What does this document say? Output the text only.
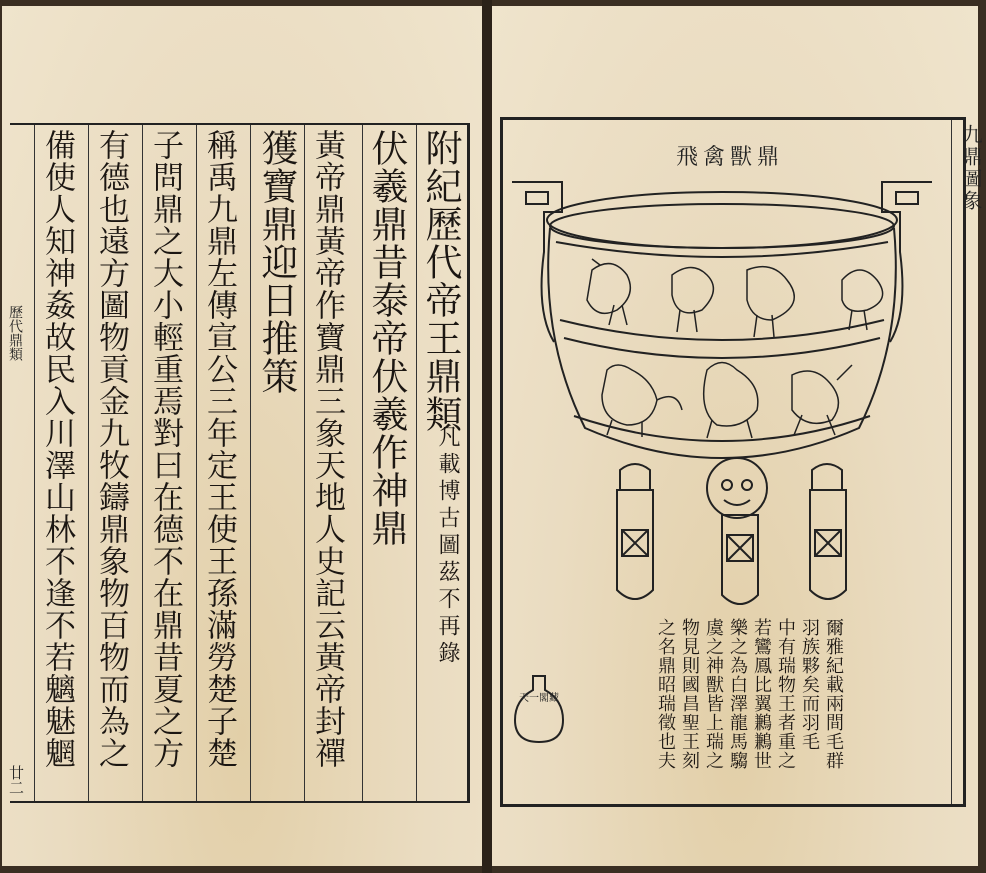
歷代鼎類
廿二
附紀歷代帝王鼎類
凡載博古圖茲不再錄
伏羲鼎昔泰帝伏羲作神鼎
黃帝鼎黃帝作寶鼎三象天地人史記云黃帝封禪
獲寶鼎迎日推策
稱禹九鼎左傳宣公三年定王使王孫滿勞楚子楚
子問鼎之大小輕重焉對曰在德不在鼎昔夏之方
有德也遠方圖物貢金九牧鑄鼎象物百物而為之
備使人知神姦故民入川澤山林不逢不若魑魅魍	九鼎圖象
飛禽獸鼎
天一閣藏	爾雅紀載兩間毛群
羽族夥矣而羽毛
中有瑞物王者重之
若鸞鳳比翼鶼鶼世
樂之為白澤龍馬騶
虞之神獸皆上瑞之
物見則國昌聖王刻
之名鼎昭瑞徵也夫
